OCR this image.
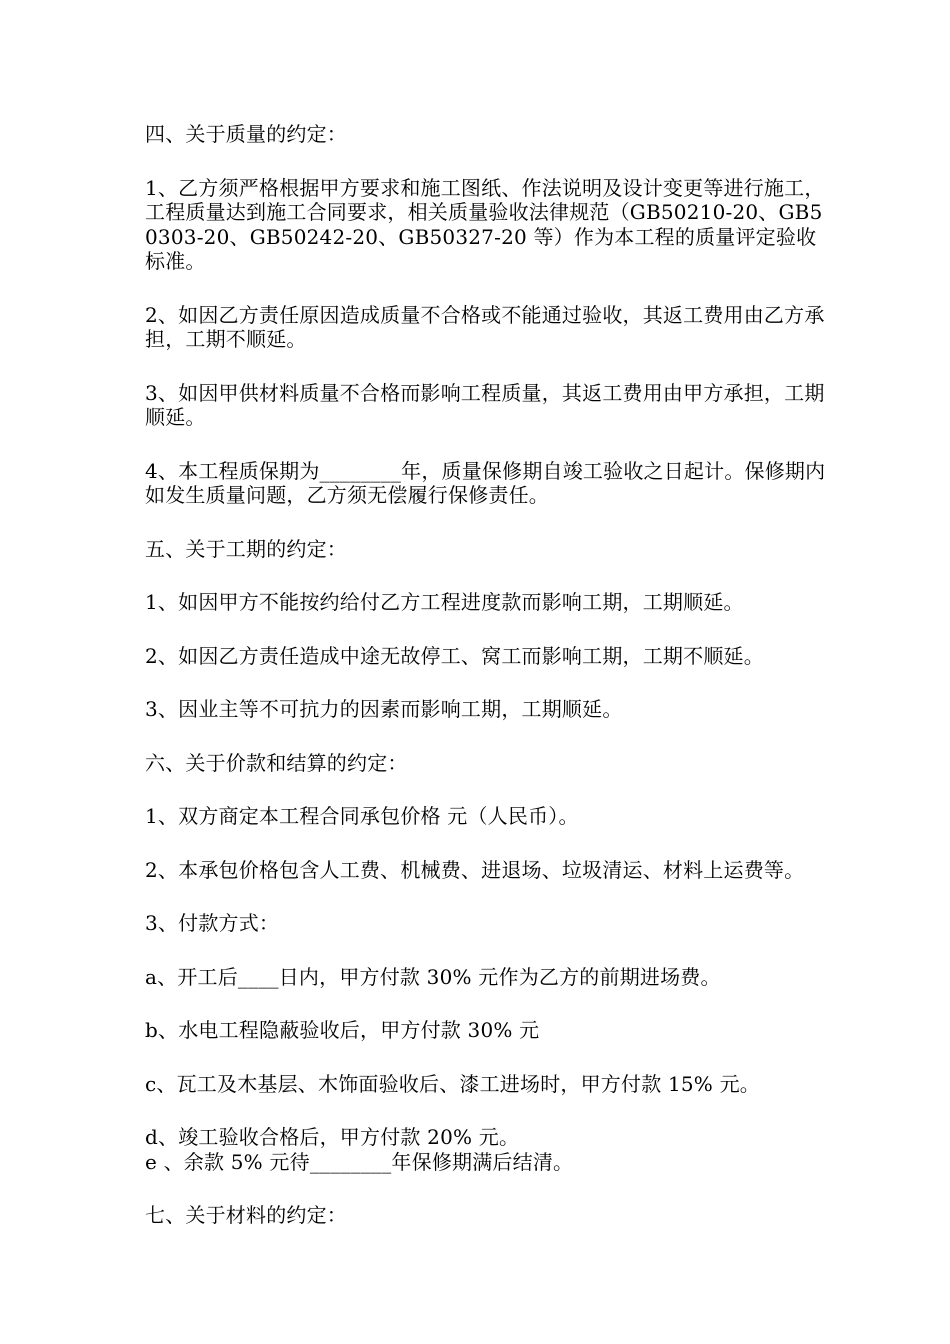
四、关于质量的约定：

1、乙方须严格根据甲方要求和施工图纸、作法说明及设计变更等进行施工，工程质量达到施工合同要求，相关质量验收法律规范（GB50210-20、GB50303-20、GB50242-20、GB50327-20 等）作为本工程的质量评定验收标准。

2、如因乙方责任原因造成质量不合格或不能通过验收，其返工费用由乙方承担，工期不顺延。

3、如因甲供材料质量不合格而影响工程质量，其返工费用由甲方承担，工期顺延。

4、本工程质保期为________年，质量保修期自竣工验收之日起计。保修期内如发生质量问题，乙方须无偿履行保修责任。

五、关于工期的约定：

1、如因甲方不能按约给付乙方工程进度款而影响工期，工期顺延。

2、如因乙方责任造成中途无故停工、窝工而影响工期，工期不顺延。

3、因业主等不可抗力的因素而影响工期，工期顺延。

六、关于价款和结算的约定：

1、双方商定本工程合同承包价格 元（人民币）。

2、本承包价格包含人工费、机械费、进退场、垃圾清运、材料上运费等。

3、付款方式：

a、开工后____日内，甲方付款 30% 元作为乙方的前期进场费。

b、水电工程隐蔽验收后，甲方付款 30% 元

c、瓦工及木基层、木饰面验收后、漆工进场时，甲方付款 15% 元。

d、竣工验收合格后，甲方付款 20% 元。

e 、余款 5% 元待________年保修期满后结清。

七、关于材料的约定：
